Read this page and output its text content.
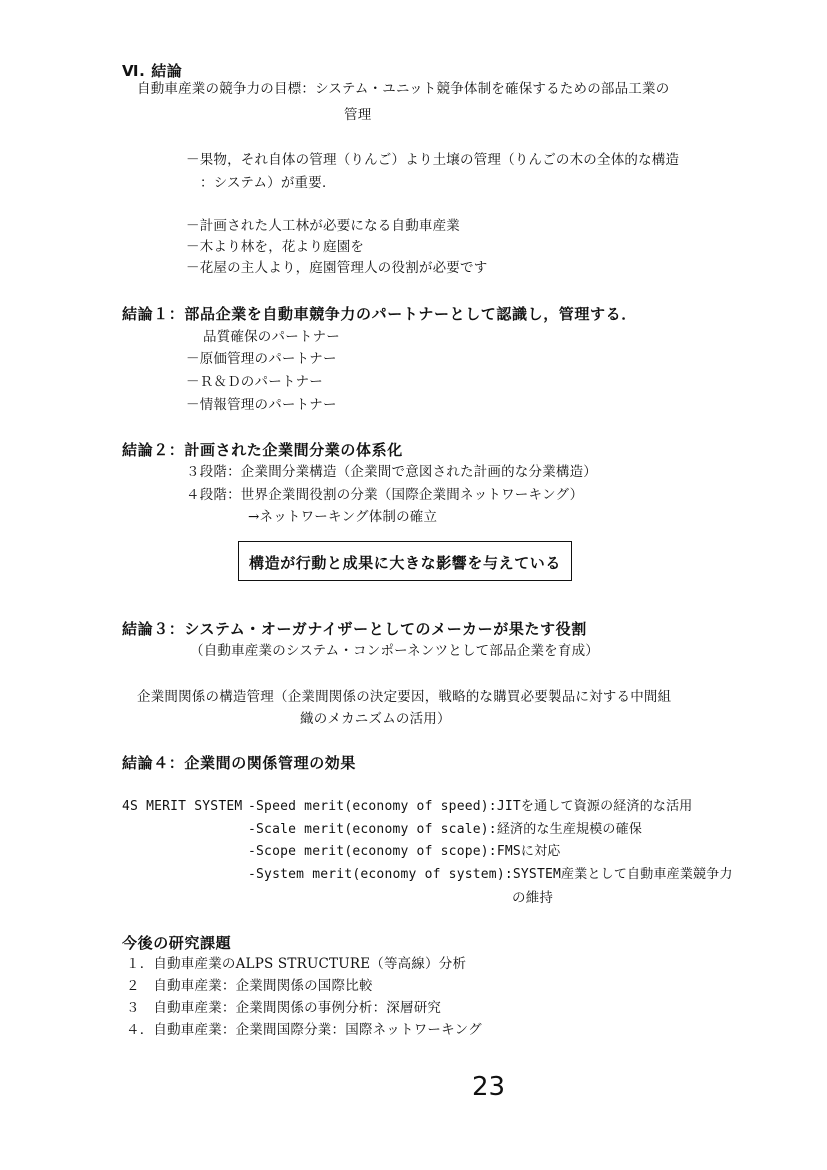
Ⅵ. 結論
自動車産業の競争力の目標：システム・ユニット競争体制を確保するための部品工業の
管理
－果物，それ自体の管理（りんご）より土壌の管理（りんごの木の全体的な構造
：システム）が重要．
－計画された人工林が必要になる自動車産業
－木より林を，花より庭園を
－花屋の主人より，庭園管理人の役割が必要です
結論１：部品企業を自動車競争力のパートナーとして認識し，管理する．
品質確保のパートナー
－原価管理のパートナー
－Ｒ＆Ｄのパートナー
－情報管理のパートナー
結論２：計画された企業間分業の体系化
３段階：企業間分業構造（企業間で意図された計画的な分業構造）
４段階：世界企業間役割の分業（国際企業間ネットワーキング）
→ネットワーキング体制の確立
構造が行動と成果に大きな影響を与えている
結論３：システム・オーガナイザーとしてのメーカーが果たす役割
（自動車産業のシステム・コンポーネンツとして部品企業を育成）
企業間関係の構造管理（企業間関係の決定要因，戦略的な購買必要製品に対する中間組
織のメカニズムの活用）
結論４：企業間の関係管理の効果
4S MERIT SYSTEM -Speed merit(economy of speed):JITを通して資源の経済的な活用
-Scale merit(economy of scale):経済的な生産規模の確保
-Scope merit(economy of scope):FMSに対応
-System merit(economy of system):SYSTEM産業として自動車産業競争力
の維持
今後の研究課題
１．自動車産業のALPS STRUCTURE（等高線）分析
２　自動車産業：企業間関係の国際比較
３　自動車産業：企業間関係の事例分析：深層研究
４．自動車産業：企業間国際分業：国際ネットワーキング
23
